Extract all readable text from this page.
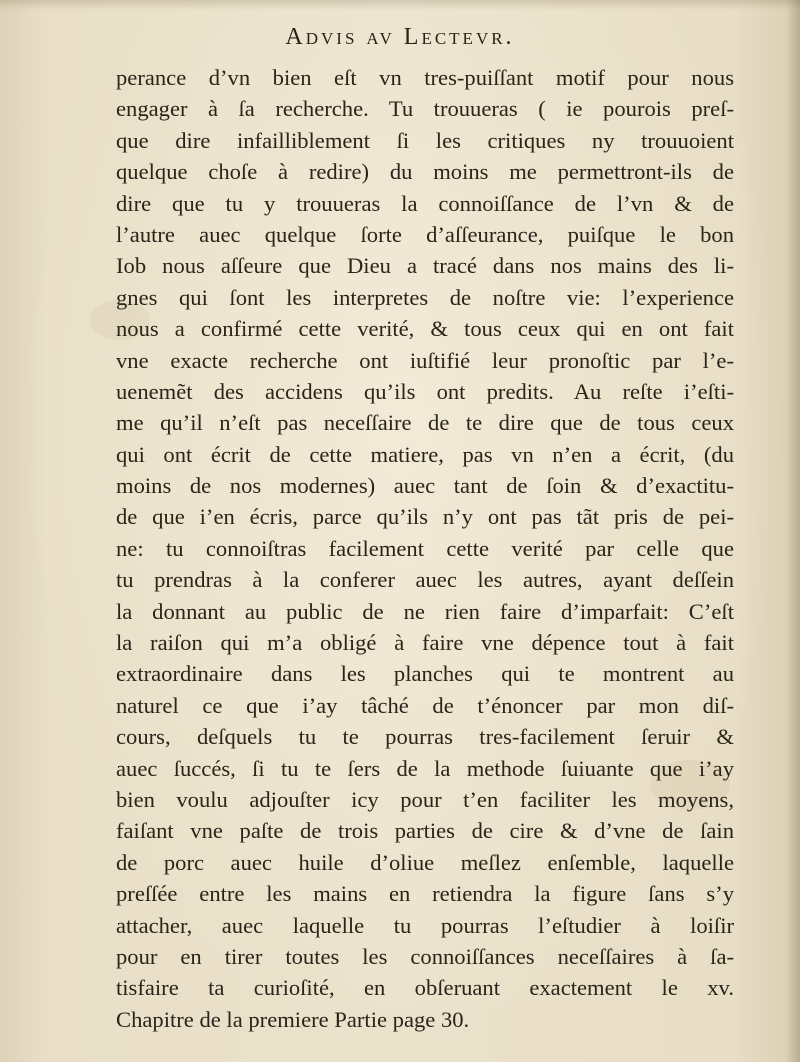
Advis av Lectevr.
perance d’vn bien eſt vn tres-puiſſant motif pour nous
engager à ſa recherche. Tu trouueras ( ie pourois preſ-
que dire infailliblement ſi les critiques ny trouuoient
quelque choſe à redire) du moins me permettront-ils de
dire que tu y trouueras la connoiſſance de l’vn & de
l’autre auec quelque ſorte d’aſſeurance, puiſque le bon
Iob nous aſſeure que Dieu a tracé dans nos mains des li-
gnes qui ſont les interpretes de noſtre vie: l’experience
nous a confirmé cette verité, & tous ceux qui en ont fait
vne exacte recherche ont iuſtifié leur pronoſtic par l’e-
uenemẽt des accidens qu’ils ont predits. Au reſte i’eſti-
me qu’il n’eſt pas neceſſaire de te dire que de tous ceux
qui ont écrit de cette matiere, pas vn n’en a écrit, (du
moins de nos modernes) auec tant de ſoin & d’exactitu-
de que i’en écris, parce qu’ils n’y ont pas tãt pris de pei-
ne: tu connoiſtras facilement cette verité par celle que
tu prendras à la conferer auec les autres, ayant deſſein
la donnant au public de ne rien faire d’imparfait: C’eſt
la raiſon qui m’a obligé à faire vne dépence tout à fait
extraordinaire dans les planches qui te montrent au
naturel ce que i’ay tâché de t’énoncer par mon diſ-
cours, deſquels tu te pourras tres-facilement ſeruir &
auec ſuccés, ſi tu te ſers de la methode ſuiuante que i’ay
bien voulu adjouſter icy pour t’en faciliter les moyens,
faiſant vne paſte de trois parties de cire & d’vne de ſain
de porc auec huile d’oliue meſlez enſemble, laquelle
preſſée entre les mains en retiendra la figure ſans s’y
attacher, auec laquelle tu pourras l’eſtudier à loiſir
pour en tirer toutes les connoiſſances neceſſaires à ſa-
tisfaire ta curioſité, en obſeruant exactement le xv.
Chapitre de la premiere Partie page 30.
